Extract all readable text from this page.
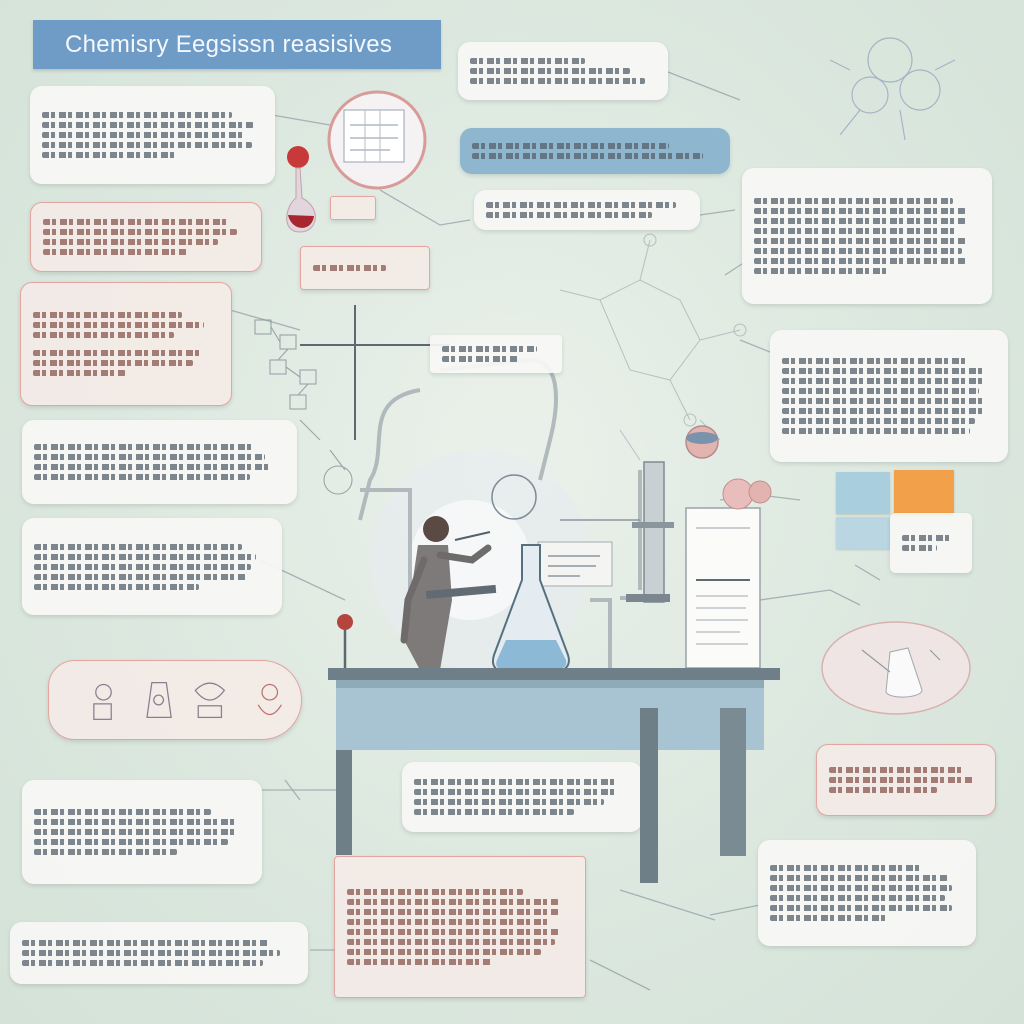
Chemisry Eegsissn reasisives
